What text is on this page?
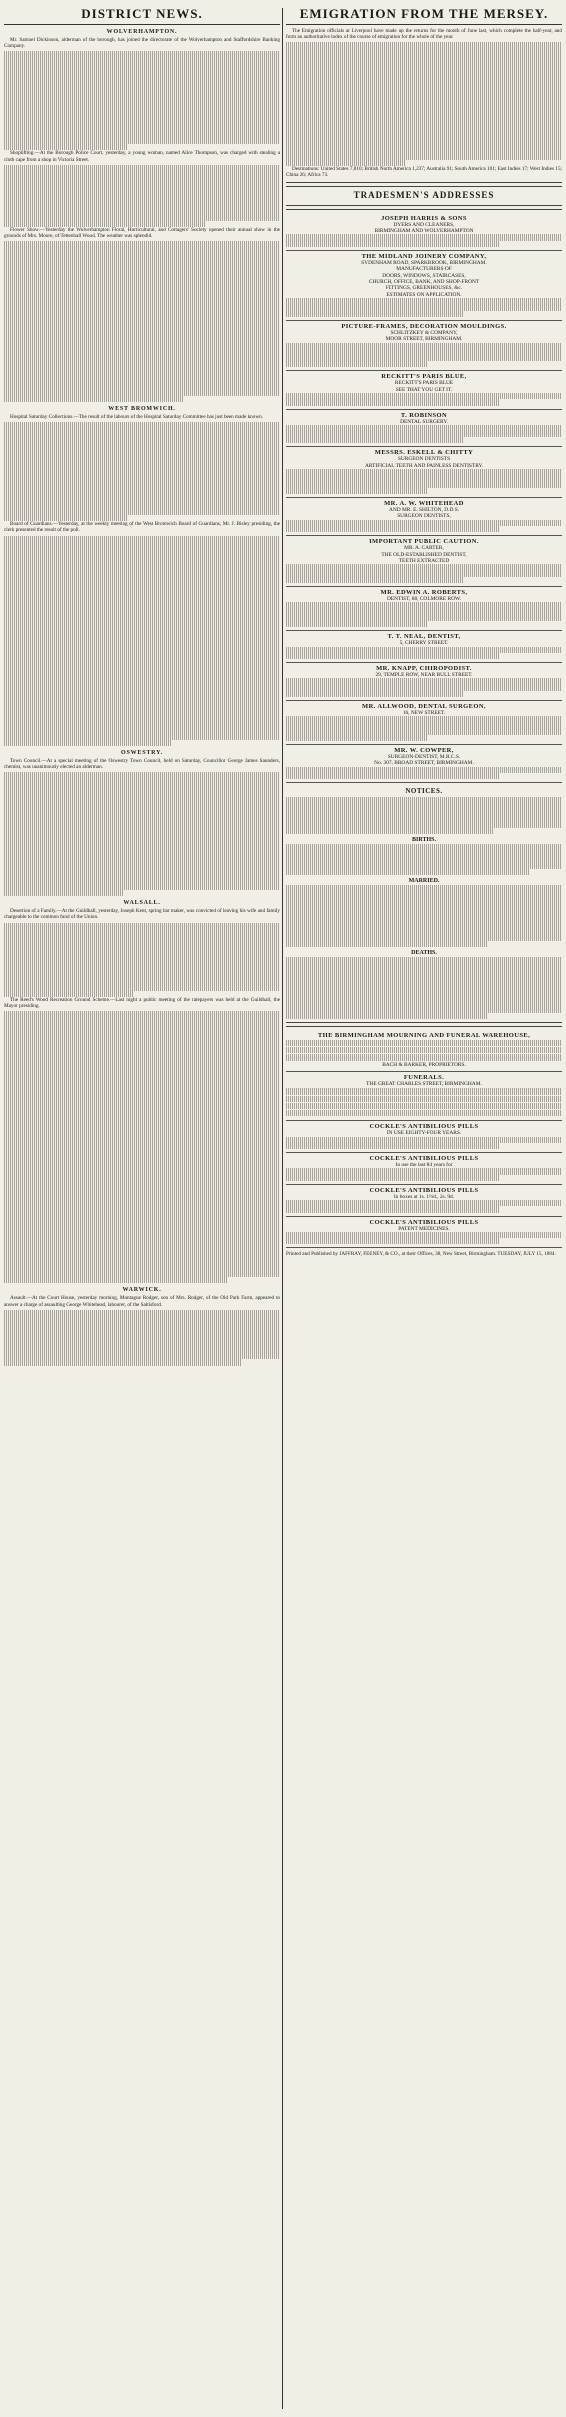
DISTRICT NEWS.
WOLVERHAMPTON.

Mr. Samuel Dickinson, alderman of the borough, has joined the directorate of the Wolverhampton and Staffordshire Banking Company.

Shoplifting.—At the Borough Police Court, yesterday, a young woman, named Alice Thompson, was charged with stealing a cloth cape from a shop in Victoria Street.

Flower Show.—Yesterday the Wolverhampton Floral, Horticultural, and Cottagers' Society opened their annual show in the grounds of Mrs. Moore, of Tettenhall Wood. The weather was splendid.

WEST BROMWICH.

Hospital Saturday Collections.—The result of the labours of the Hospital Saturday Committee has just been made known.

Board of Guardians.—Yesterday, at the weekly meeting of the West Bromwich Board of Guardians, Mr. J. Bisley presiding, the clerk presented the result of the poll.

OSWESTRY.

Town Council.—At a special meeting of the Oswestry Town Council, held on Saturday, Councillor George James Saunders, chemist, was unanimously elected an alderman.

WALSALL.

Desertion of a Family.—At the Guildhall, yesterday, Joseph Kent, spring bar maker, was convicted of leaving his wife and family chargeable to the common fund of the Union.

The Reed's Wood Recreation Ground Scheme.—Last night a public meeting of the ratepayers was held at the Guildhall, the Mayor presiding.

WARWICK.

Assault.—At the Court House, yesterday morning, Montague Rodger, son of Mrs. Rodger, of the Old Park Farm, appeared to answer a charge of assaulting George Whitehead, labourer, of the Saltisford.

EMIGRATION FROM THE MERSEY.

The Emigration officials at Liverpool have made up the returns for the month of June last, which complete the half-year, and form an authoritative index of the course of emigration for the whole of the year.

Destinations: United States 7,810; British North America 1,237; Australia 91; South America 101; East Indies 17; West Indies 15; China 26; Africa 73.

TRADESMEN'S ADDRESSES
JOSEPH HARRIS & SONS
DYERS AND CLEANERS,
BIRMINGHAM AND WOLVERHAMPTON
THE MIDLAND JOINERY COMPANY,
SYDENHAM ROAD, SPARKBROOK, BIRMINGHAM.
MANUFACTURERS OF
DOORS, WINDOWS, STAIRCASES,
CHURCH, OFFICE, BANK, AND SHOP-FRONT
FITTINGS, GREENHOUSES, &c.
ESTIMATES ON APPLICATION.
PICTURE-FRAMES, DECORATION MOULDINGS.
SCHLITZKEY & COMPANY,
MOOR STREET, BIRMINGHAM.
RECKITT'S PARIS BLUE,
RECKITT'S PARIS BLUE
SEE THAT YOU GET IT.
T. ROBINSON
DENTAL SURGERY.
MESSRS. ESKELL & CHITTY
SURGEON DENTISTS
ARTIFICIAL TEETH AND PAINLESS DENTISTRY.
MR. A. W. WHITEHEAD
AND MR. E. SHILTON, D.D.S.
SURGEON DENTISTS,
IMPORTANT PUBLIC CAUTION.
MR. A. CARTER,
THE OLD-ESTABLISHED DENTIST,
TEETH EXTRACTED
MR. EDWIN A. ROBERTS,
DENTIST, 88, COLMORE ROW.
T. T. NEAL, DENTIST,
5, CHERRY STREET.
MR. KNAPP, CHIROPODIST.
29, TEMPLE ROW, NEAR BULL STREET.
MR. ALLWOOD, DENTAL SURGEON,
16, NEW STREET.
MR. W. COWPER,
SURGEON-DENTIST, M.R.C.S.
No. 307, BROAD STREET, BIRMINGHAM.
NOTICES.
BIRTHS.
MARRIED.
DEATHS.
THE BIRMINGHAM MOURNING AND FUNERAL WAREHOUSE,
BACH & BARKER, PROPRIETORS.
FUNERALS.
THE GREAT CHARLES STREET, BIRMINGHAM.
COCKLE'S ANTIBILIOUS PILLS
IN USE EIGHTY-FOUR YEARS.
COCKLE'S ANTIBILIOUS PILLS
In use the last 84 years for
COCKLE'S ANTIBILIOUS PILLS
In boxes at 1s. 1½d., 2s. 9d.
COCKLE'S ANTIBILIOUS PILLS
PATENT MEDICINES.

Printed and Published by JAFFRAY, FEENEY, & CO., at their Offices, 38, New Street, Birmingham. TUESDAY, JULY 15, 1884.
